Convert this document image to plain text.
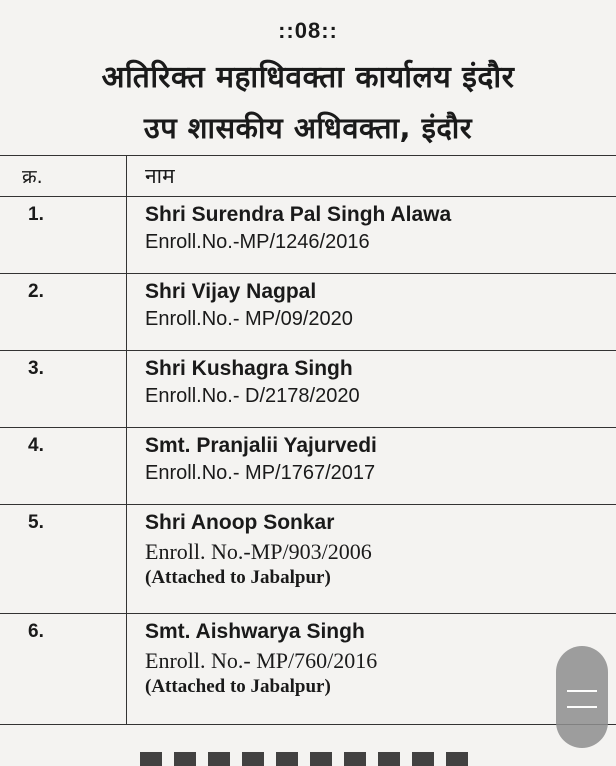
::08::
अतिरिक्त महाधिवक्ता कार्यालय इंदौर
उप शासकीय अधिवक्ता, इंदौर
क्र.	नाम

1.	Shri Surendra Pal Singh Alawa
Enroll.No.-MP/1246/2016

2.	Shri Vijay Nagpal
Enroll.No.- MP/09/2020

3.	Shri Kushagra Singh
Enroll.No.- D/2178/2020

4.	Smt. Pranjalii Yajurvedi
Enroll.No.- MP/1767/2017

5.	Shri Anoop Sonkar
Enroll. No.-MP/903/2006
(Attached to Jabalpur)

6.	Smt. Aishwarya Singh
Enroll. No.- MP/760/2016
(Attached to Jabalpur)
